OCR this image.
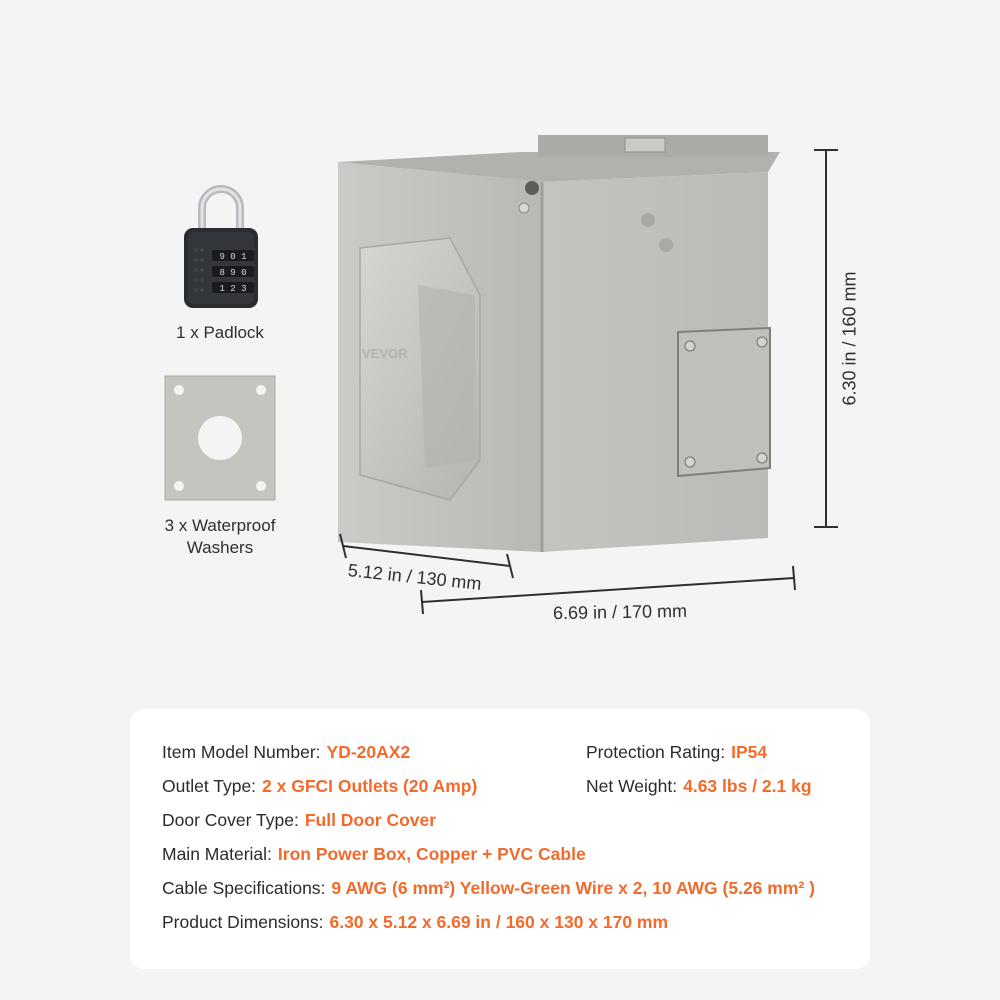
9 0 1
8 9 0
1 2 3
1 x Padlock
3 x Waterproof Washers
VEVOR	6.30 in / 160 mm
5.12 in / 130 mm
6.69 in / 170 mm
Item Model Number: YD-20AX2	Protection Rating: IP54
Outlet Type: 2 x GFCI Outlets (20 Amp)	Net Weight: 4.63 lbs / 2.1 kg
Door Cover Type: Full Door Cover
Main Material: Iron Power Box, Copper + PVC Cable
Cable Specifications: 9 AWG (6 mm²) Yellow-Green Wire x 2, 10 AWG (5.26 mm² )
Product Dimensions: 6.30 x 5.12 x 6.69 in / 160 x 130 x 170 mm
